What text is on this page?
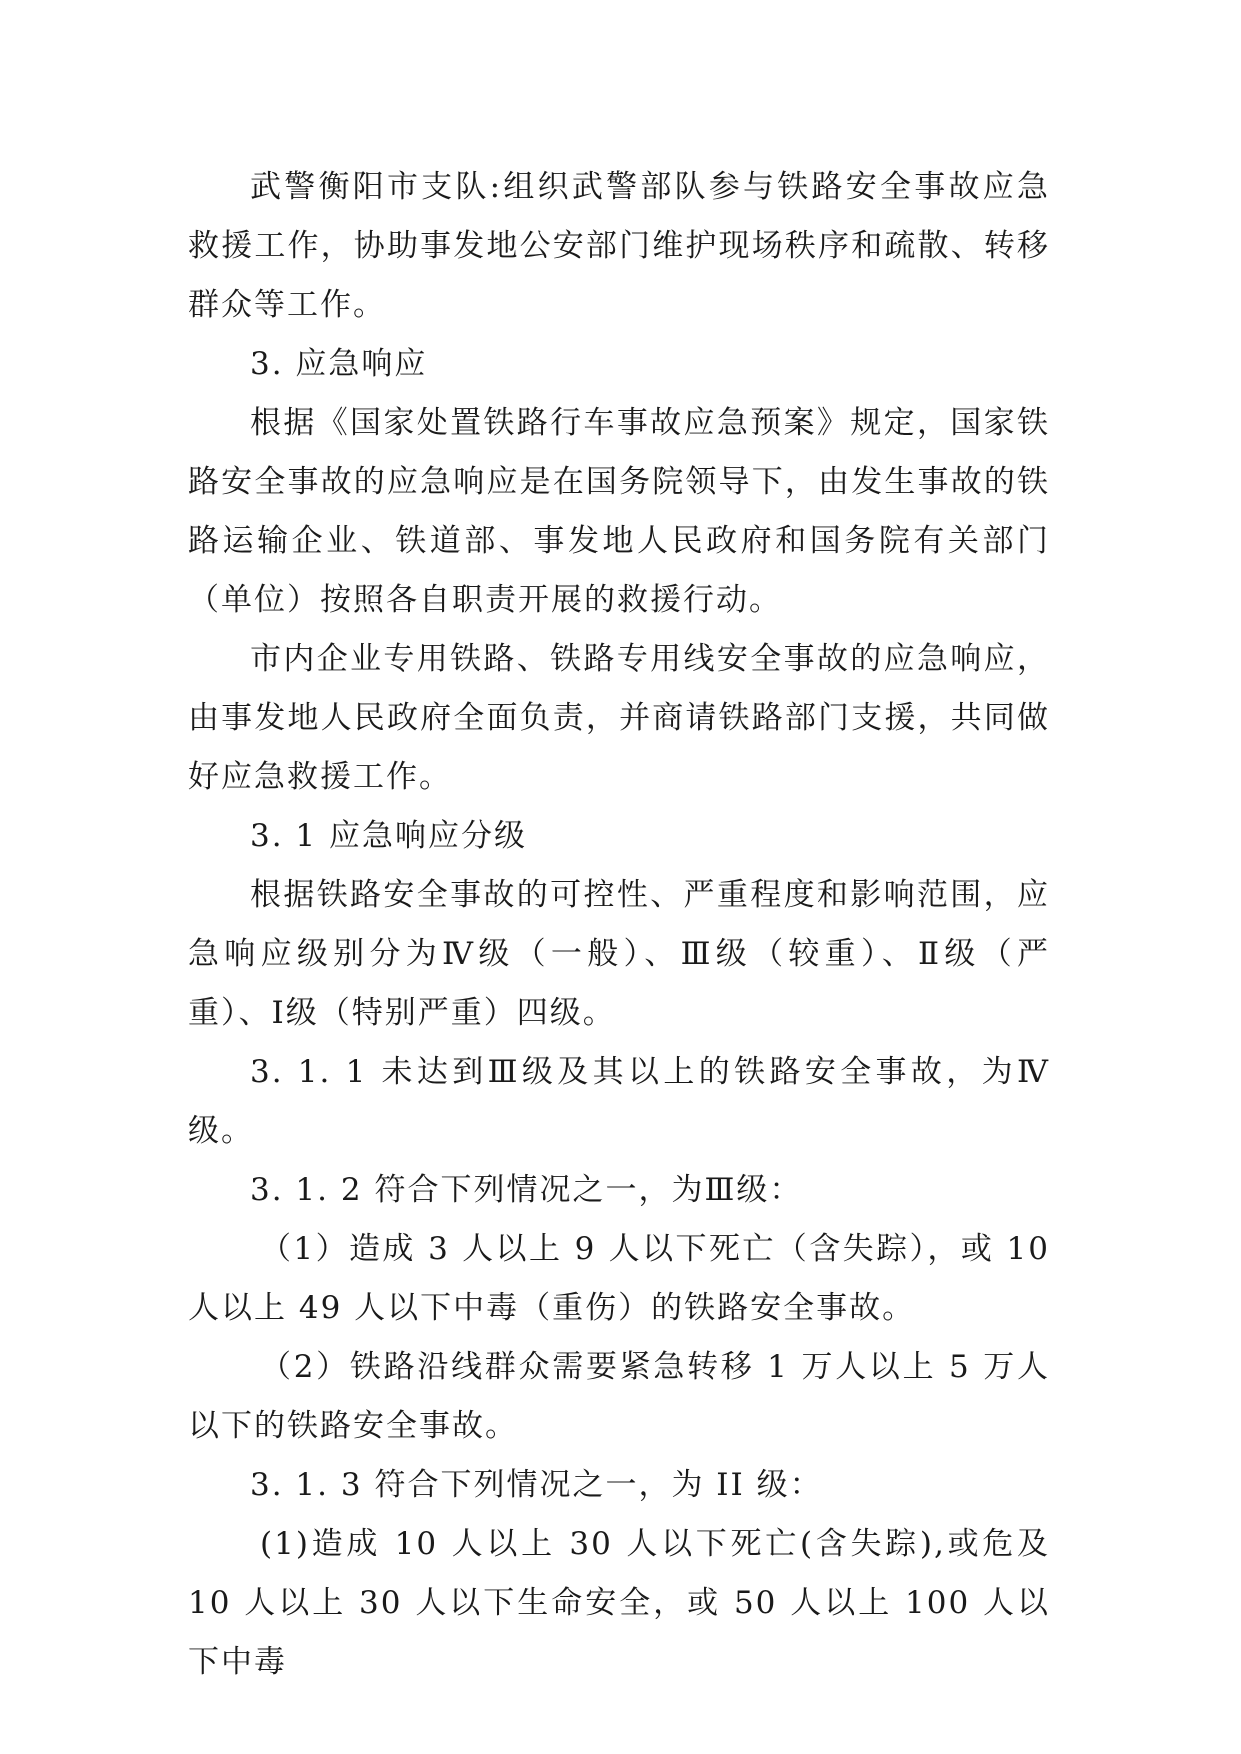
武警衡阳市支队:组织武警部队参与铁路安全事故应急救援工作，协助事发地公安部门维护现场秩序和疏散、转移群众等工作。

3. 应急响应

根据《国家处置铁路行车事故应急预案》规定，国家铁路安全事故的应急响应是在国务院领导下，由发生事故的铁路运输企业、铁道部、事发地人民政府和国务院有关部门（单位）按照各自职责开展的救援行动。

市内企业专用铁路、铁路专用线安全事故的应急响应，由事发地人民政府全面负责，并商请铁路部门支援，共同做好应急救援工作。

3. 1 应急响应分级

根据铁路安全事故的可控性、严重程度和影响范围，应急响应级别分为Ⅳ级（一般）、Ⅲ级（较重）、Ⅱ级（严重）、Ⅰ级（特别严重）四级。

3. 1. 1 未达到Ⅲ级及其以上的铁路安全事故，为Ⅳ级。

3. 1. 2 符合下列情况之一，为Ⅲ级：

（1）造成 3 人以上 9 人以下死亡（含失踪），或 10 人以上 49 人以下中毒（重伤）的铁路安全事故。

（2）铁路沿线群众需要紧急转移 1 万人以上 5 万人以下的铁路安全事故。

3. 1. 3 符合下列情况之一，为 II 级：

(1)造成 10 人以上 30 人以下死亡(含失踪),或危及 10 人以上 30 人以下生命安全，或 50 人以上 100 人以下中毒
